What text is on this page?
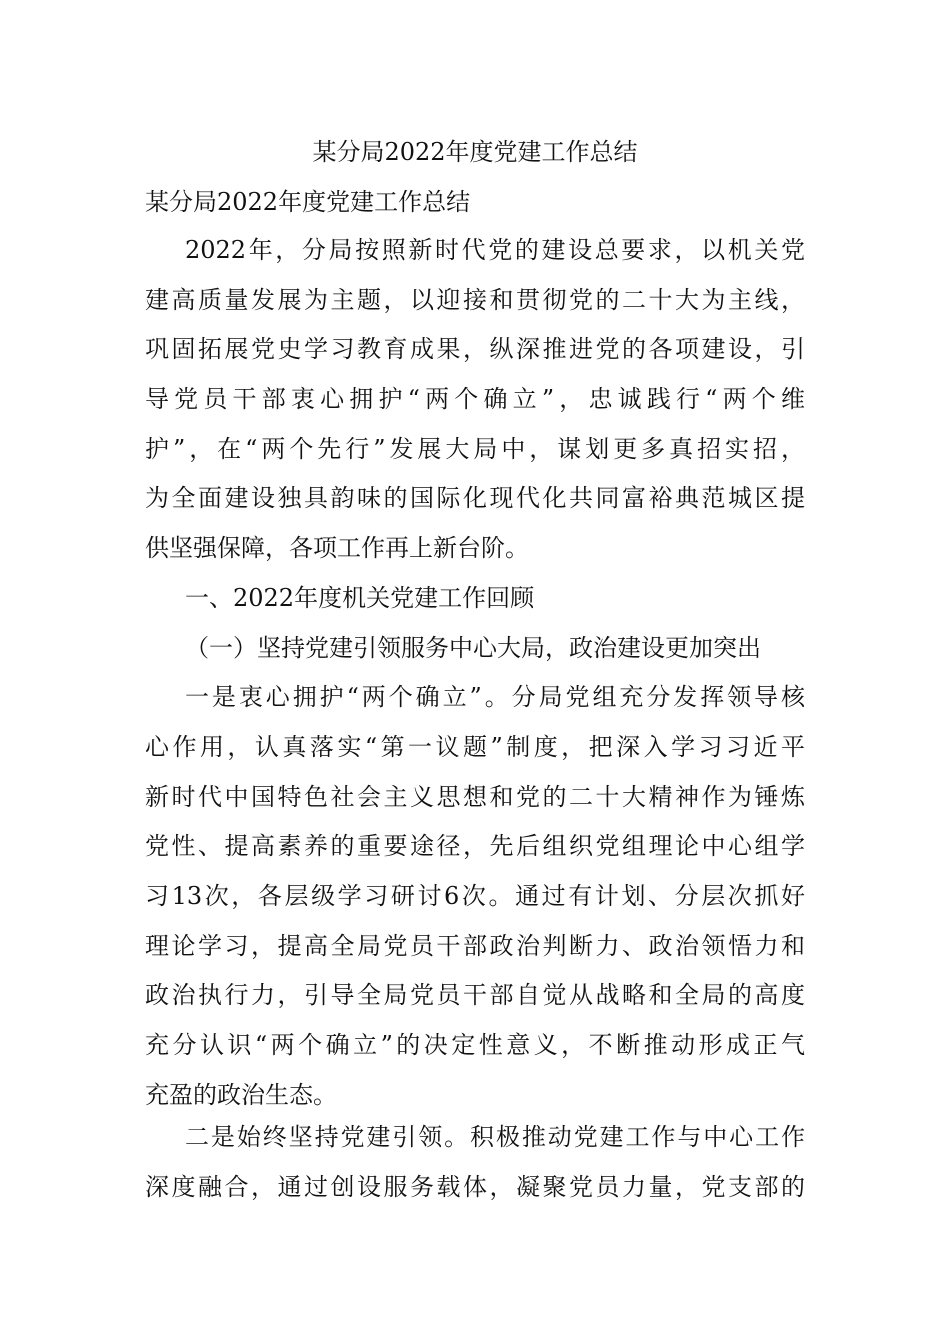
某分局2022年度党建工作总结
某分局2022年度党建工作总结
2022年，分局按照新时代党的建设总要求，以机关党
建高质量发展为主题，以迎接和贯彻党的二十大为主线，
巩固拓展党史学习教育成果，纵深推进党的各项建设，引
导党员干部衷心拥护“两个确立”，忠诚践行“两个维
护”，在“两个先行”发展大局中，谋划更多真招实招，
为全面建设独具韵味的国际化现代化共同富裕典范城区提
供坚强保障，各项工作再上新台阶。
一、2022年度机关党建工作回顾
（一）坚持党建引领服务中心大局，政治建设更加突出
一是衷心拥护“两个确立”。分局党组充分发挥领导核
心作用，认真落实“第一议题”制度，把深入学习习近平
新时代中国特色社会主义思想和党的二十大精神作为锤炼
党性、提高素养的重要途径，先后组织党组理论中心组学
习13次，各层级学习研讨6次。通过有计划、分层次抓好
理论学习，提高全局党员干部政治判断力、政治领悟力和
政治执行力，引导全局党员干部自觉从战略和全局的高度
充分认识“两个确立”的决定性意义，不断推动形成正气
充盈的政治生态。
二是始终坚持党建引领。积极推动党建工作与中心工作
深度融合，通过创设服务载体，凝聚党员力量，党支部的
